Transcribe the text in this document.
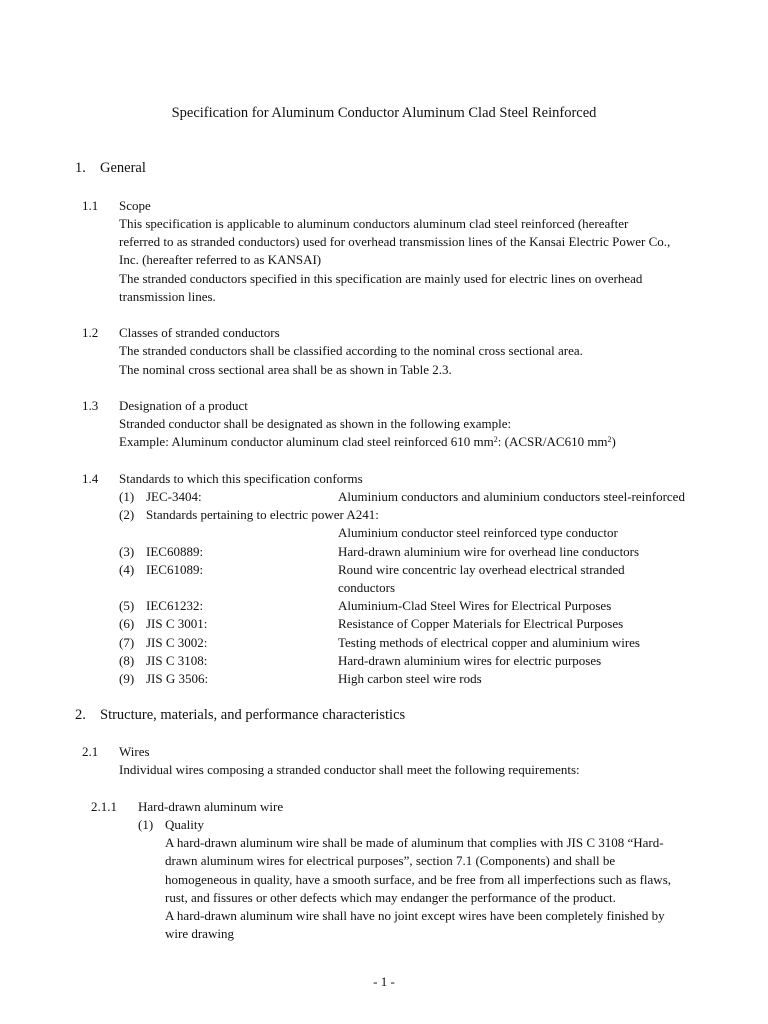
Specification for Aluminum Conductor Aluminum Clad Steel Reinforced
1. General
1.1 Scope
This specification is applicable to aluminum conductors aluminum clad steel reinforced (hereafter
referred to as stranded conductors) used for overhead transmission lines of the Kansai Electric Power Co.,
Inc. (hereafter referred to as KANSAI)
The stranded conductors specified in this specification are mainly used for electric lines on overhead
transmission lines.
1.2 Classes of stranded conductors
The stranded conductors shall be classified according to the nominal cross sectional area.
The nominal cross sectional area shall be as shown in Table 2.3.
1.3 Designation of a product
Stranded conductor shall be designated as shown in the following example:
Example: Aluminum conductor aluminum clad steel reinforced 610 $mm^2$: (ACSR/AC610 $mm^2$)
1.4 Standards to which this specification conforms
(1) JEC-3404:	Aluminium conductors and aluminium conductors steel-reinforced
(2) Standards pertaining to electric power A241:
Aluminium conductor steel reinforced type conductor
(3) IEC60889:	Hard-drawn aluminium wire for overhead line conductors
(4) IEC61089:	Round wire concentric lay overhead electrical stranded
conductors
(5) IEC61232:	Aluminium-Clad Steel Wires for Electrical Purposes
(6) JIS C 3001:	Resistance of Copper Materials for Electrical Purposes
(7) JIS C 3002:	Testing methods of electrical copper and aluminium wires
(8) JIS C 3108:	Hard-drawn aluminium wires for electric purposes
(9) JIS G 3506:	High carbon steel wire rods
2. Structure, materials, and performance characteristics
2.1 Wires
Individual wires composing a stranded conductor shall meet the following requirements:
2.1.1 Hard-drawn aluminum wire
(1) Quality
A hard-drawn aluminum wire shall be made of aluminum that complies with JIS C 3108 “Hard-
drawn aluminum wires for electrical purposes”, section 7.1 (Components) and shall be
homogeneous in quality, have a smooth surface, and be free from all imperfections such as flaws,
rust, and fissures or other defects which may endanger the performance of the product.
A hard-drawn aluminum wire shall have no joint except wires have been completely finished by
wire drawing
- 1 -
